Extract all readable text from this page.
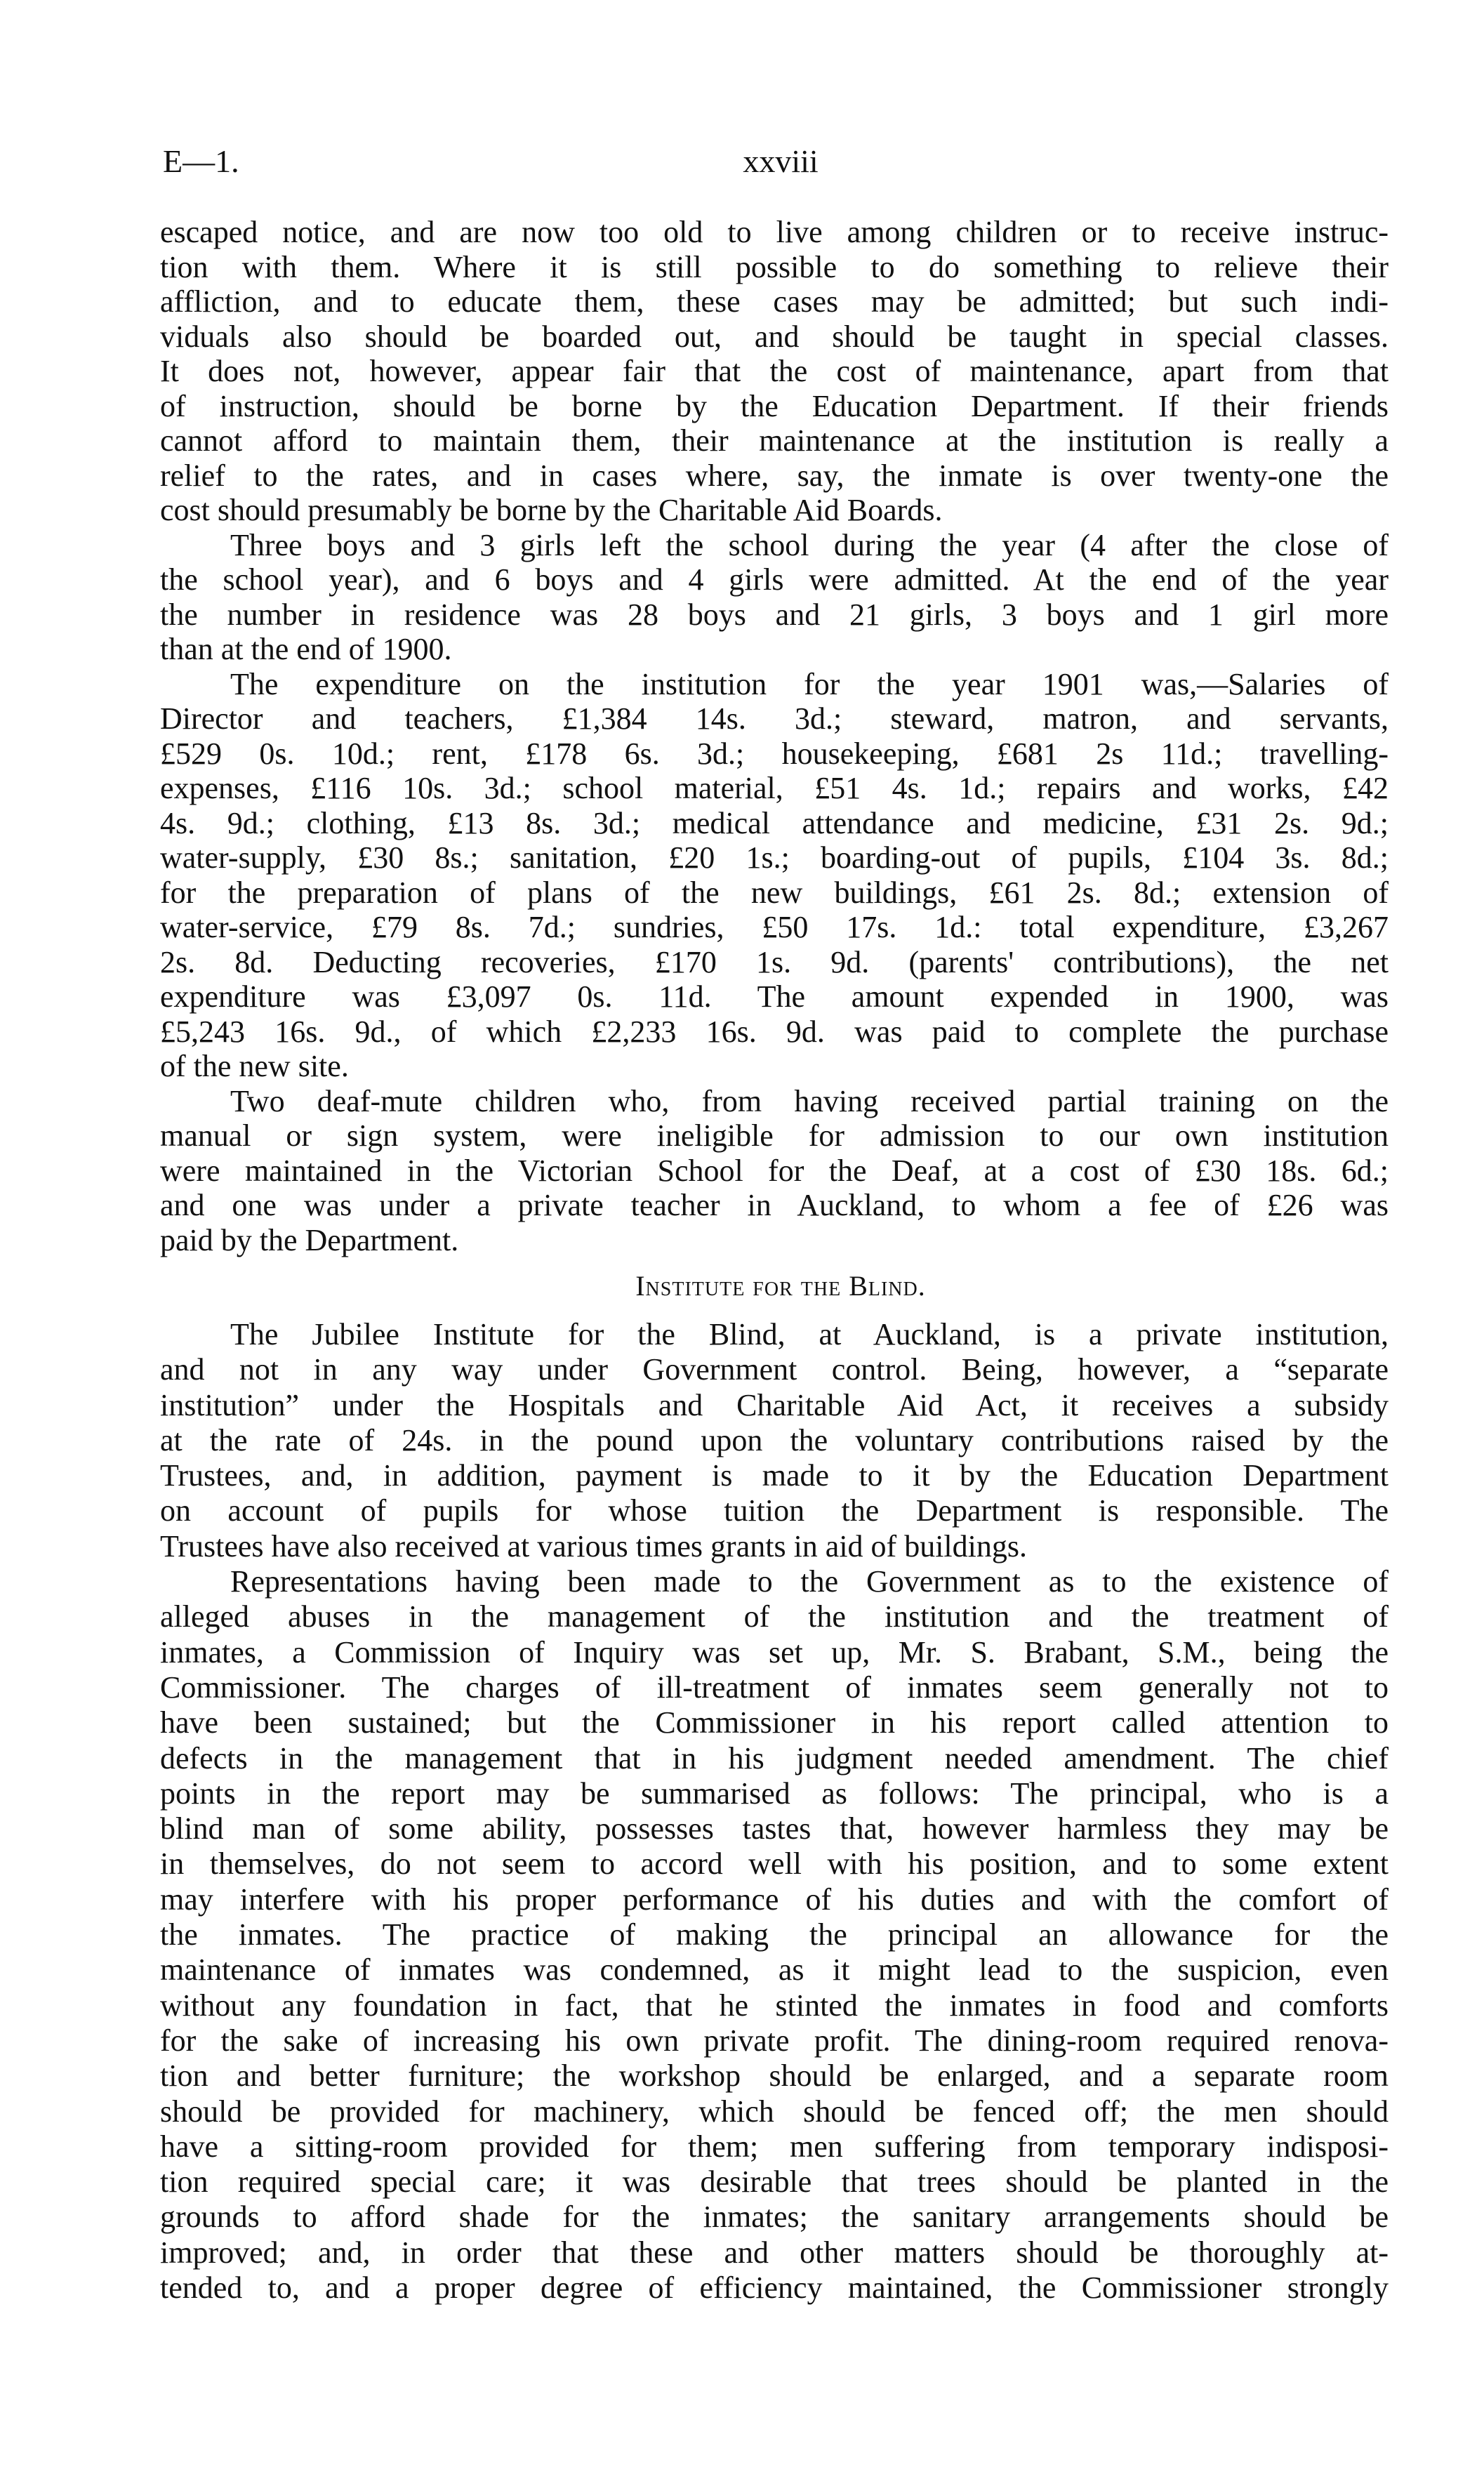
E—1.	xxviii
escaped notice, and are now too old to live among children or to receive instruc-
tion with them. Where it is still possible to do something to relieve their
affliction, and to educate them, these cases may be admitted; but such indi-
viduals also should be boarded out, and should be taught in special classes.
It does not, however, appear fair that the cost of maintenance, apart from that
of instruction, should be borne by the Education Department. If their friends
cannot afford to maintain them, their maintenance at the institution is really a
relief to the rates, and in cases where, say, the inmate is over twenty-one the
cost should presumably be borne by the Charitable Aid Boards.
Three boys and 3 girls left the school during the year (4 after the close of
the school year), and 6 boys and 4 girls were admitted. At the end of the year
the number in residence was 28 boys and 21 girls, 3 boys and 1 girl more
than at the end of 1900.
The expenditure on the institution for the year 1901 was,—Salaries of
Director and teachers, £1,384 14s. 3d.; steward, matron, and servants,
£529 0s. 10d.; rent, £178 6s. 3d.; housekeeping, £681 2s 11d.; travelling-
expenses, £116 10s. 3d.; school material, £51 4s. 1d.; repairs and works, £42
4s. 9d.; clothing, £13 8s. 3d.; medical attendance and medicine, £31 2s. 9d.;
water-supply, £30 8s.; sanitation, £20 1s.; boarding-out of pupils, £104 3s. 8d.;
for the preparation of plans of the new buildings, £61 2s. 8d.; extension of
water-service, £79 8s. 7d.; sundries, £50 17s. 1d.: total expenditure, £3,267
2s. 8d. Deducting recoveries, £170 1s. 9d. (parents' contributions), the net
expenditure was £3,097 0s. 11d. The amount expended in 1900, was
£5,243 16s. 9d., of which £2,233 16s. 9d. was paid to complete the purchase
of the new site.
Two deaf-mute children who, from having received partial training on the
manual or sign system, were ineligible for admission to our own institution
were maintained in the Victorian School for the Deaf, at a cost of £30 18s. 6d.;
and one was under a private teacher in Auckland, to whom a fee of £26 was
paid by the Department.
Institute for the Blind.
The Jubilee Institute for the Blind, at Auckland, is a private institution,
and not in any way under Government control. Being, however, a “separate
institution” under the Hospitals and Charitable Aid Act, it receives a subsidy
at the rate of 24s. in the pound upon the voluntary contributions raised by the
Trustees, and, in addition, payment is made to it by the Education Department
on account of pupils for whose tuition the Department is responsible. The
Trustees have also received at various times grants in aid of buildings.
Representations having been made to the Government as to the existence of
alleged abuses in the management of the institution and the treatment of
inmates, a Commission of Inquiry was set up, Mr. S. Brabant, S.M., being the
Commissioner. The charges of ill-treatment of inmates seem generally not to
have been sustained; but the Commissioner in his report called attention to
defects in the management that in his judgment needed amendment. The chief
points in the report may be summarised as follows: The principal, who is a
blind man of some ability, possesses tastes that, however harmless they may be
in themselves, do not seem to accord well with his position, and to some extent
may interfere with his proper performance of his duties and with the comfort of
the inmates. The practice of making the principal an allowance for the
maintenance of inmates was condemned, as it might lead to the suspicion, even
without any foundation in fact, that he stinted the inmates in food and comforts
for the sake of increasing his own private profit. The dining-room required renova-
tion and better furniture; the workshop should be enlarged, and a separate room
should be provided for machinery, which should be fenced off; the men should
have a sitting-room provided for them; men suffering from temporary indisposi-
tion required special care; it was desirable that trees should be planted in the
grounds to afford shade for the inmates; the sanitary arrangements should be
improved; and, in order that these and other matters should be thoroughly at-
tended to, and a proper degree of efficiency maintained, the Commissioner strongly
